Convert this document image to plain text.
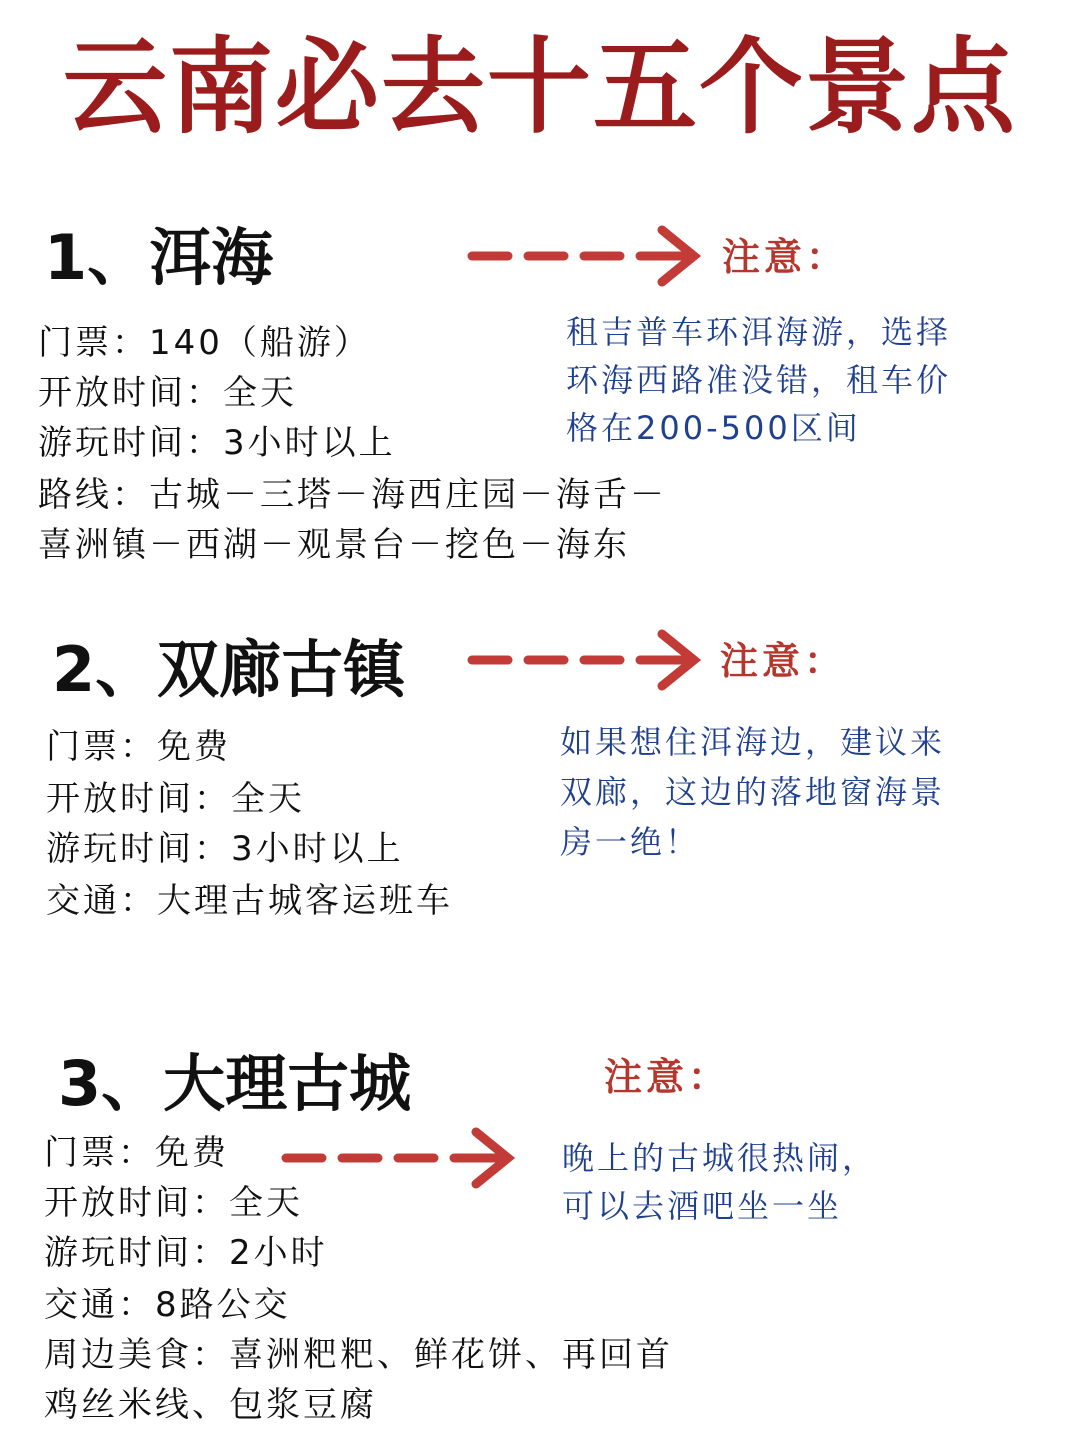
云南必去十五个景点
1、洱海	注意：
门票：140（船游）
开放时间：全天
游玩时间：3小时以上
路线：古城－三塔－海西庄园－海舌－
喜洲镇－西湖－观景台－挖色－海东
租吉普车环洱海游，选择
环海西路准没错，租车价
格在200-500区间
2、双廊古镇	注意：
门票：免费
开放时间：全天
游玩时间：3小时以上
交通：大理古城客运班车
如果想住洱海边，建议来
双廊，这边的落地窗海景
房一绝！
3、大理古城	注意：
门票：免费
开放时间：全天
游玩时间：2小时
交通：8路公交
周边美食：喜洲粑粑、鲜花饼、再回首
鸡丝米线、包浆豆腐
晚上的古城很热闹，
可以去酒吧坐一坐
